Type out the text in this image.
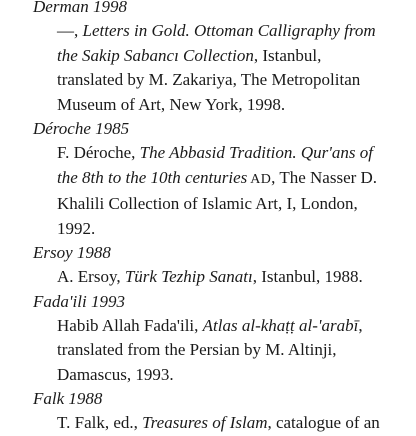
Derman 1998
—, Letters in Gold. Ottoman Calligraphy from the Sakip Sabancı Collection, Istanbul, translated by M. Zakariya, The Metropolitan Museum of Art, New York, 1998.
Déroche 1985
F. Déroche, The Abbasid Tradition. Qur'ans of the 8th to the 10th centuries AD, The Nasser D. Khalili Collection of Islamic Art, I, London, 1992.
Ersoy 1988
A. Ersoy, Türk Tezhip Sanatı, Istanbul, 1988.
Fada'ili 1993
Habib Allah Fada'ili, Atlas al-khaṭṭ al-'arabī, translated from the Persian by M. Altinji, Damascus, 1993.
Falk 1988
T. Falk, ed., Treasures of Islam, catalogue of an
